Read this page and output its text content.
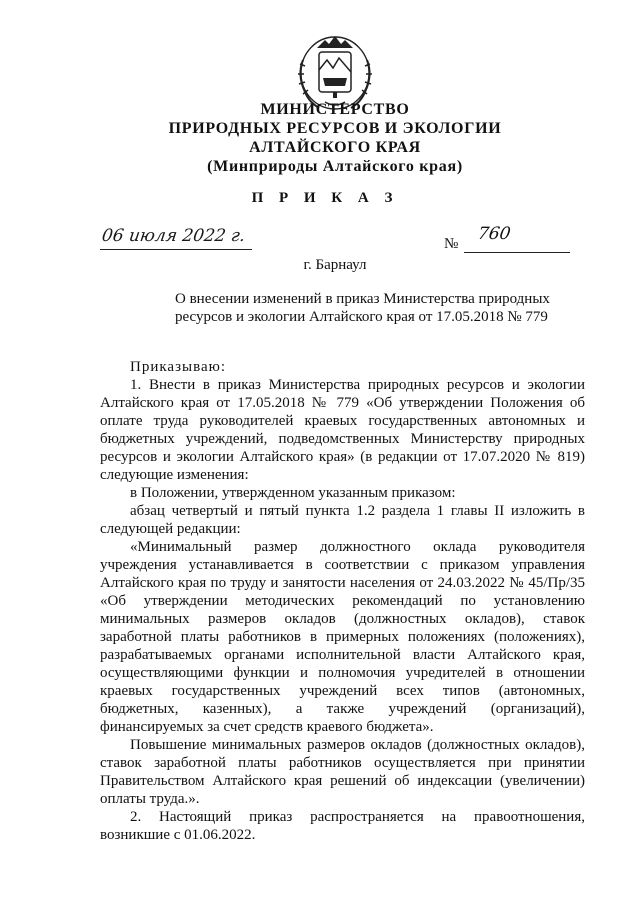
МИНИСТЕРСТВО
ПРИРОДНЫХ РЕСУРСОВ И ЭКОЛОГИИ
АЛТАЙСКОГО КРАЯ
(Минприроды Алтайского края)
П Р И К А З
06 июля 2022 г.	№ 760
г. Барнаул
О внесении изменений в приказ Министерства природных ресурсов и экологии Алтайского края от 17.05.2018 № 779

Приказываю:

1. Внести в приказ Министерства природных ресурсов и экологии Алтайского края от 17.05.2018 № 779 «Об утверждении Положения об оплате труда руководителей краевых государственных автономных и бюджетных учреждений, подведомственных Министерству природных ресурсов и экологии Алтайского края» (в редакции от 17.07.2020 № 819) следующие изменения:

в Положении, утвержденном указанным приказом:

абзац четвертый и пятый пункта 1.2 раздела 1 главы II изложить в следующей редакции:

«Минимальный размер должностного оклада руководителя учреждения устанавливается в соответствии с приказом управления Алтайского края по труду и занятости населения от 24.03.2022 № 45/Пр/35 «Об утверждении методических рекомендаций по установлению минимальных размеров окладов (должностных окладов), ставок заработной платы работников в примерных положениях (положениях), разрабатываемых органами исполнительной власти Алтайского края, осуществляющими функции и полномочия учредителей в отношении краевых государственных учреждений всех типов (автономных, бюджетных, казенных), а также учреждений (организаций), финансируемых за счет средств краевого бюджета».

Повышение минимальных размеров окладов (должностных окладов), ставок заработной платы работников осуществляется при принятии Правительством Алтайского края решений об индексации (увеличении) оплаты труда.».

2. Настоящий приказ распространяется на правоотношения, возникшие с 01.06.2022.
